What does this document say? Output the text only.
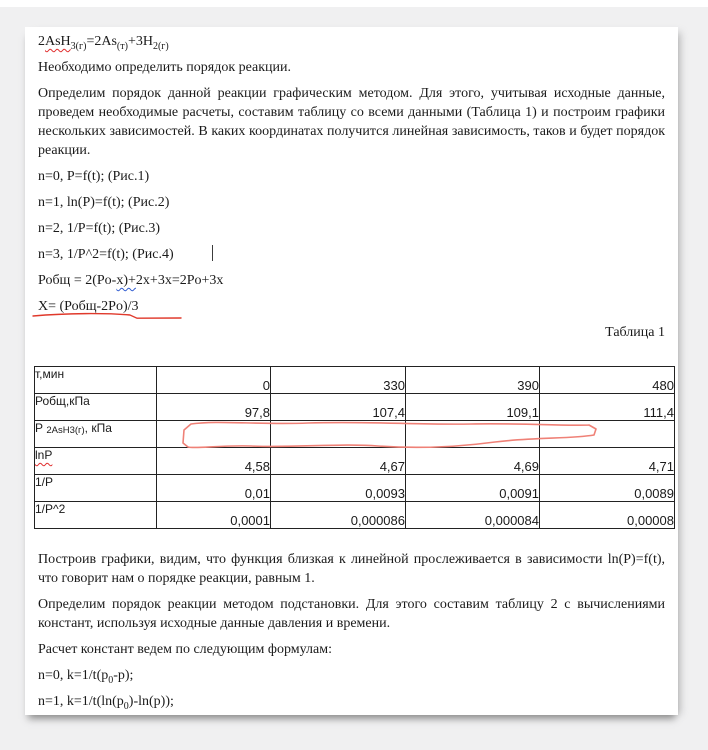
$2AsH_{3(г)}=2As_{(т)}+3H_{2(г)}$

Необходимо определить порядок реакции.

Определим порядок данной реакции графическим методом. Для этого, учитывая исходные данные, проведем необходимые расчеты, составим таблицу со всеми данными (Таблица 1) и построим графики нескольких зависимостей. В каких координатах получится линейная зависимость, таков и будет порядок реакции.

n=0, P=f(t); (Рис.1)

n=1, ln(P)=f(t); (Рис.2)

n=2, 1/P=f(t); (Рис.3)

n=3, 1/P^2=f(t); (Рис.4)

Робщ = 2(Po-x)+2x+3x=2Po+3x

X= (Робщ-2Po)/3

Таблица 1

т,мин	0	330	390	480
Робщ,кПа	97,8	107,4	109,1	111,4
Р 2AsH3(г), кПа				
lnP	4,58	4,67	4,69	4,71
1/P	0,01	0,0093	0,0091	0,0089
1/P^2	0,0001	0,000086	0,000084	0,00008

Построив графики, видим, что функция близкая к линейной прослеживается в зависимости ln(P)=f(t), что говорит нам о порядке реакции, равным 1.

Определим порядок реакции методом подстановки. Для этого составим таблицу 2 с вычислениями констант, используя исходные данные давления и времени.

Расчет констант ведем по следующим формулам:

n=0, $k=1/t(p_0-p)$;

n=1, $k=1/t(\ln(p_0)-\ln(p))$;
